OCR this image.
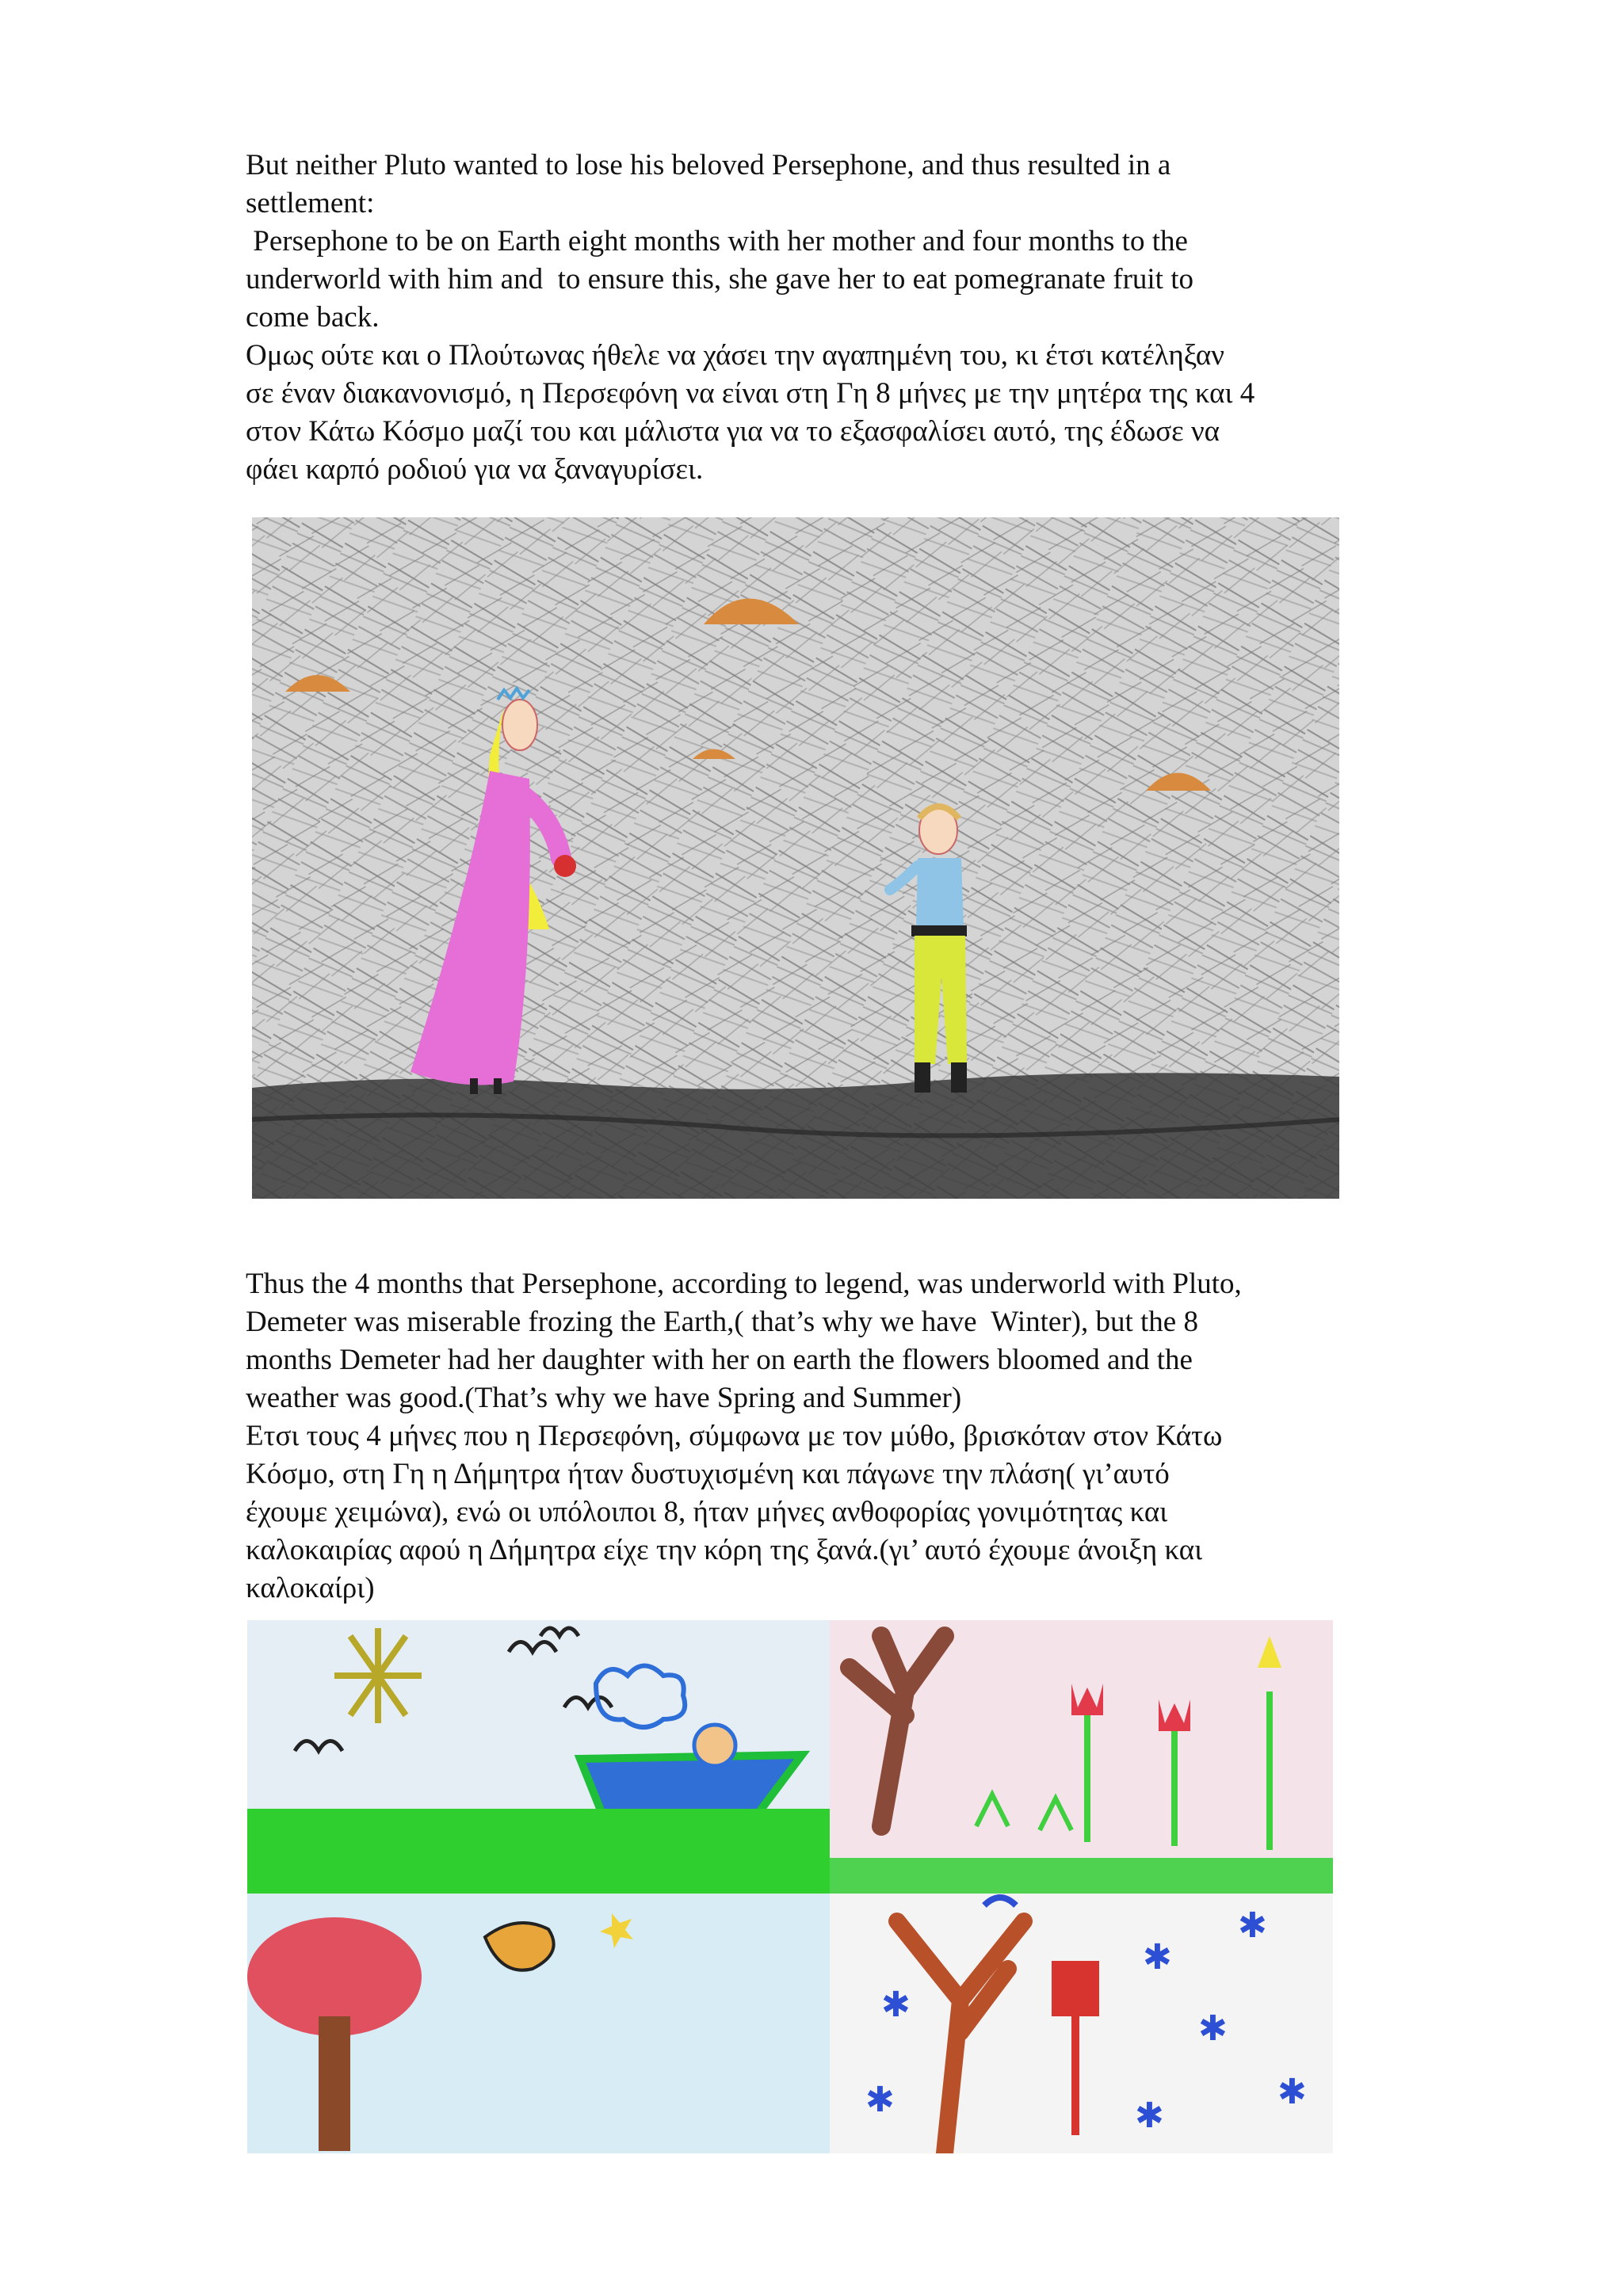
But neither Pluto wanted to lose his beloved Persephone, and thus resulted in a

settlement:

Persephone to be on Earth eight months with her mother and four months to the

underworld with him and  to ensure this, she gave her to eat pomegranate fruit to

come back.

Ομως ούτε και ο Πλούτωνας ήθελε να χάσει την αγαπημένη του, κι έτσι κατέληξαν

σε έναν διακανονισμό, η Περσεφόνη να είναι στη Γη 8 μήνες με την μητέρα της και 4

στον Κάτω Κόσμο μαζί του και μάλιστα για να το εξασφαλίσει αυτό, της έδωσε να

φάει καρπό ροδιού για να ξαναγυρίσει.

Thus the 4 months that Persephone, according to legend, was underworld with Pluto,

Demeter was miserable frozing the Earth,( that’s why we have  Winter), but the 8

months Demeter had her daughter with her on earth the flowers bloomed and the

weather was good.(That’s why we have Spring and Summer)

Ετσι τους 4 μήνες που η Περσεφόνη, σύμφωνα με τον μύθο, βρισκόταν στον Κάτω

Κόσμο, στη Γη η Δήμητρα ήταν δυστυχισμένη και πάγωνε την πλάση( γι’αυτό

έχουμε χειμώνα), ενώ οι υπόλοιποι 8, ήταν μήνες ανθοφορίας γονιμότητας και

καλοκαιρίας αφού η Δήμητρα είχε την κόρη της ξανά.(γι’ αυτό έχουμε άνοιξη και

καλοκαίρι)

✱
✱
✱
✱
✱
✱
✱
